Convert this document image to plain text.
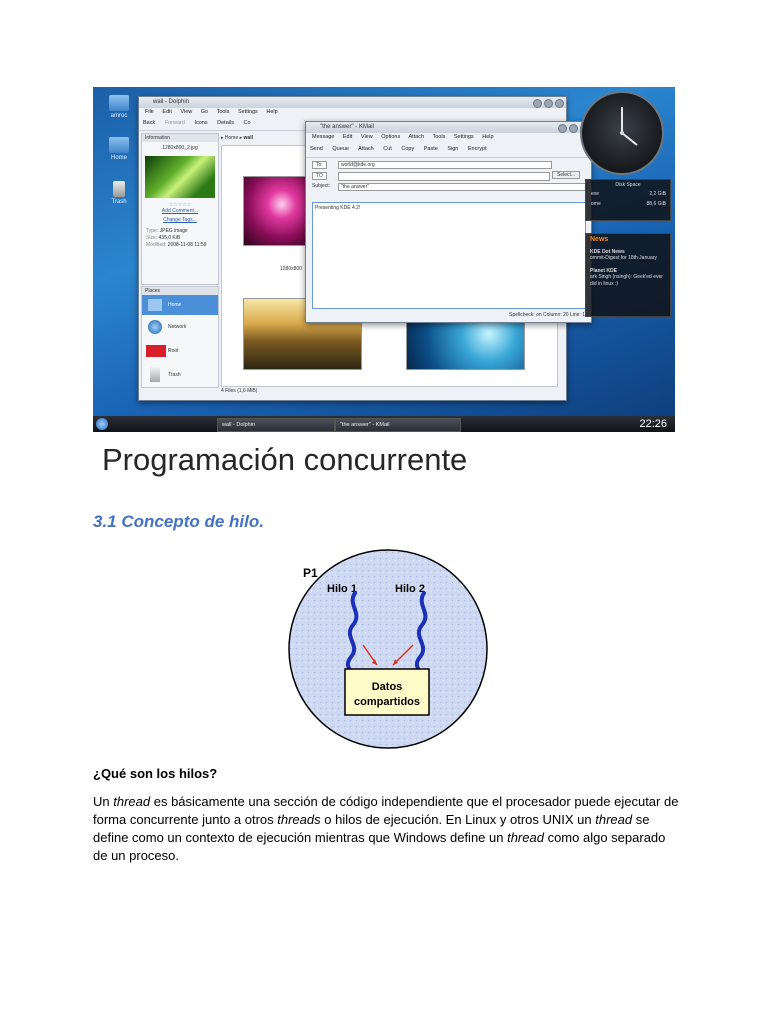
amroc
Home
Trash
wall - Dolphin
File Edit View Go Tools Settings Help
Back Forward Icons Details Co
Information
1280x800_2.jpg
☆☆☆☆☆
Add Comment...
Change Tags...
Type: JPEG image
Size: 435,0 KiB
Modified: 2008-11-08 11:59
Places
Home
Network
Root
Trash
▸ Home ▸ wall
1280x800
4 Files (1,6 MiB)
"the answer" - KMail
Message Edit View Options Attach Tools Settings Help
Send Queue Attach Cut Copy Paste Sign Encrypt
To:	world@kde.org
TO	Select...
Subject:	"the answer"
Presenting KDE 4.2!
Spellcheck: on Column: 20 Line: 1
Disk Space
exe	2,2 GiB
ome	88,6 GiB
News
KDE Dot News
ommit-Digest for 18th January
Planet KDE
ark Singh (nsingh): Geek'ed ever did in linux :)
wall - Dolphin	"the answer" - KMail	22:26
Programación concurrente
3.1 Concepto de hilo.
P1
Hilo 1	Hilo 2
Datos
compartidos
¿Qué son los hilos?
Un thread es básicamente una sección de código independiente que el procesador puede ejecutar de forma concurrente junto a otros threads o hilos de ejecución. En Linux y otros UNIX un thread se define como un contexto de ejecución mientras que Windows define un thread como algo separado de un proceso.
